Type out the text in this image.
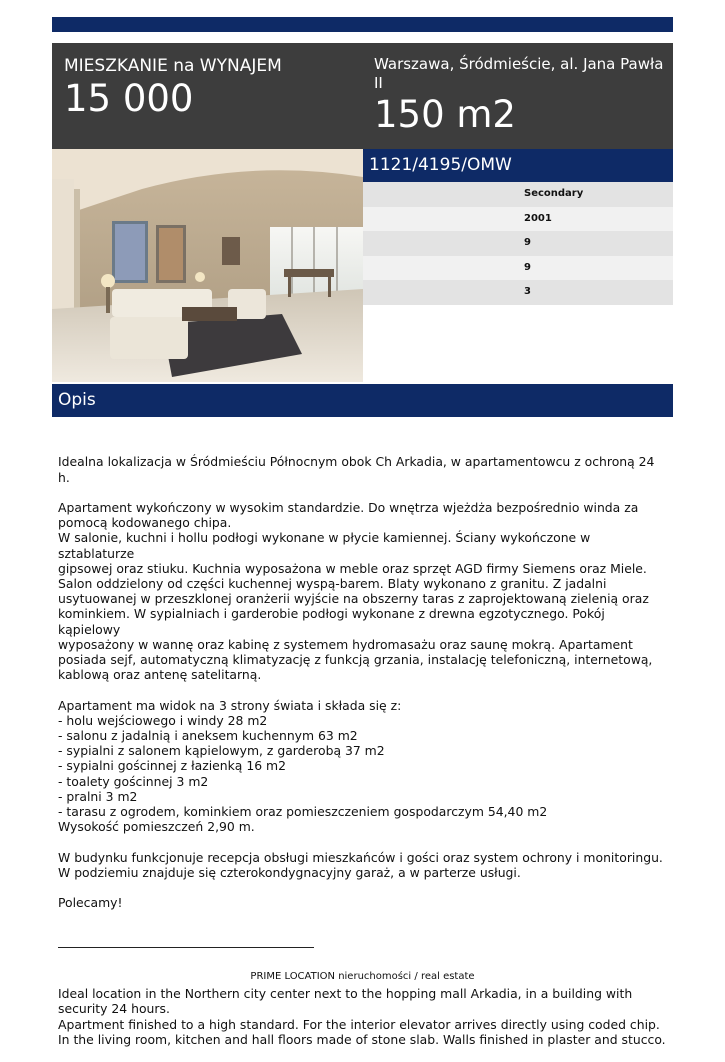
MIESZKANIE na WYNAJEM
15 000
Warszawa, Śródmieście, al. Jana Pawła II
150 m2
1121/4195/OMW
Secondary
2001
9
9
3
Opis

Idealna lokalizacja w Śródmieściu Północnym obok Ch Arkadia, w apartamentowcu z ochroną 24 h.
Apartament wykończony w wysokim standardzie. Do wnętrza wjeżdża bezpośrednio winda za
pomocą kodowanego chipa.
W salonie, kuchni i hollu podłogi wykonane w płycie kamiennej. Ściany wykończone w sztablaturze
gipsowej oraz stiuku. Kuchnia wyposażona w meble oraz sprzęt AGD firmy Siemens oraz Miele.
Salon oddzielony od części kuchennej wyspą-barem. Blaty wykonano z granitu. Z jadalni
usytuowanej w przeszklonej oranżerii wyjście na obszerny taras z zaprojektowaną zielenią oraz
kominkiem. W sypialniach i garderobie podłogi wykonane z drewna egzotycznego. Pokój kąpielowy
wyposażony w wannę oraz kabinę z systemem hydromasażu oraz saunę mokrą. Apartament
posiada sejf, automatyczną klimatyzację z funkcją grzania, instalację telefoniczną, internetową,
kablową oraz antenę satelitarną.
Apartament ma widok na 3 strony świata i składa się z:
- holu wejściowego i windy 28 m2
- salonu z jadalnią i aneksem kuchennym 63 m2
- sypialni z salonem kąpielowym, z garderobą 37 m2
- sypialni gościnnej z łazienką 16 m2
- toalety gościnnej 3 m2
- pralni 3 m2
- tarasu z ogrodem, kominkiem oraz pomieszczeniem gospodarczym 54,40 m2
Wysokość pomieszczeń 2,90 m.
W budynku funkcjonuje recepcja obsługi mieszkańców i gości oraz system ochrony i monitoringu.
W podziemiu znajduje się czterokondygnacyjny garaż, a w parterze usługi.
Polecamy!

Ideal location in the Northern city center next to the hopping mall Arkadia, in a building with
security 24 hours.
Apartment finished to a high standard. For the interior elevator arrives directly using coded chip.
In the living room, kitchen and hall floors made of stone slab. Walls finished in plaster and stucco.

PRIME LOCATION nieruchomości / real estate
